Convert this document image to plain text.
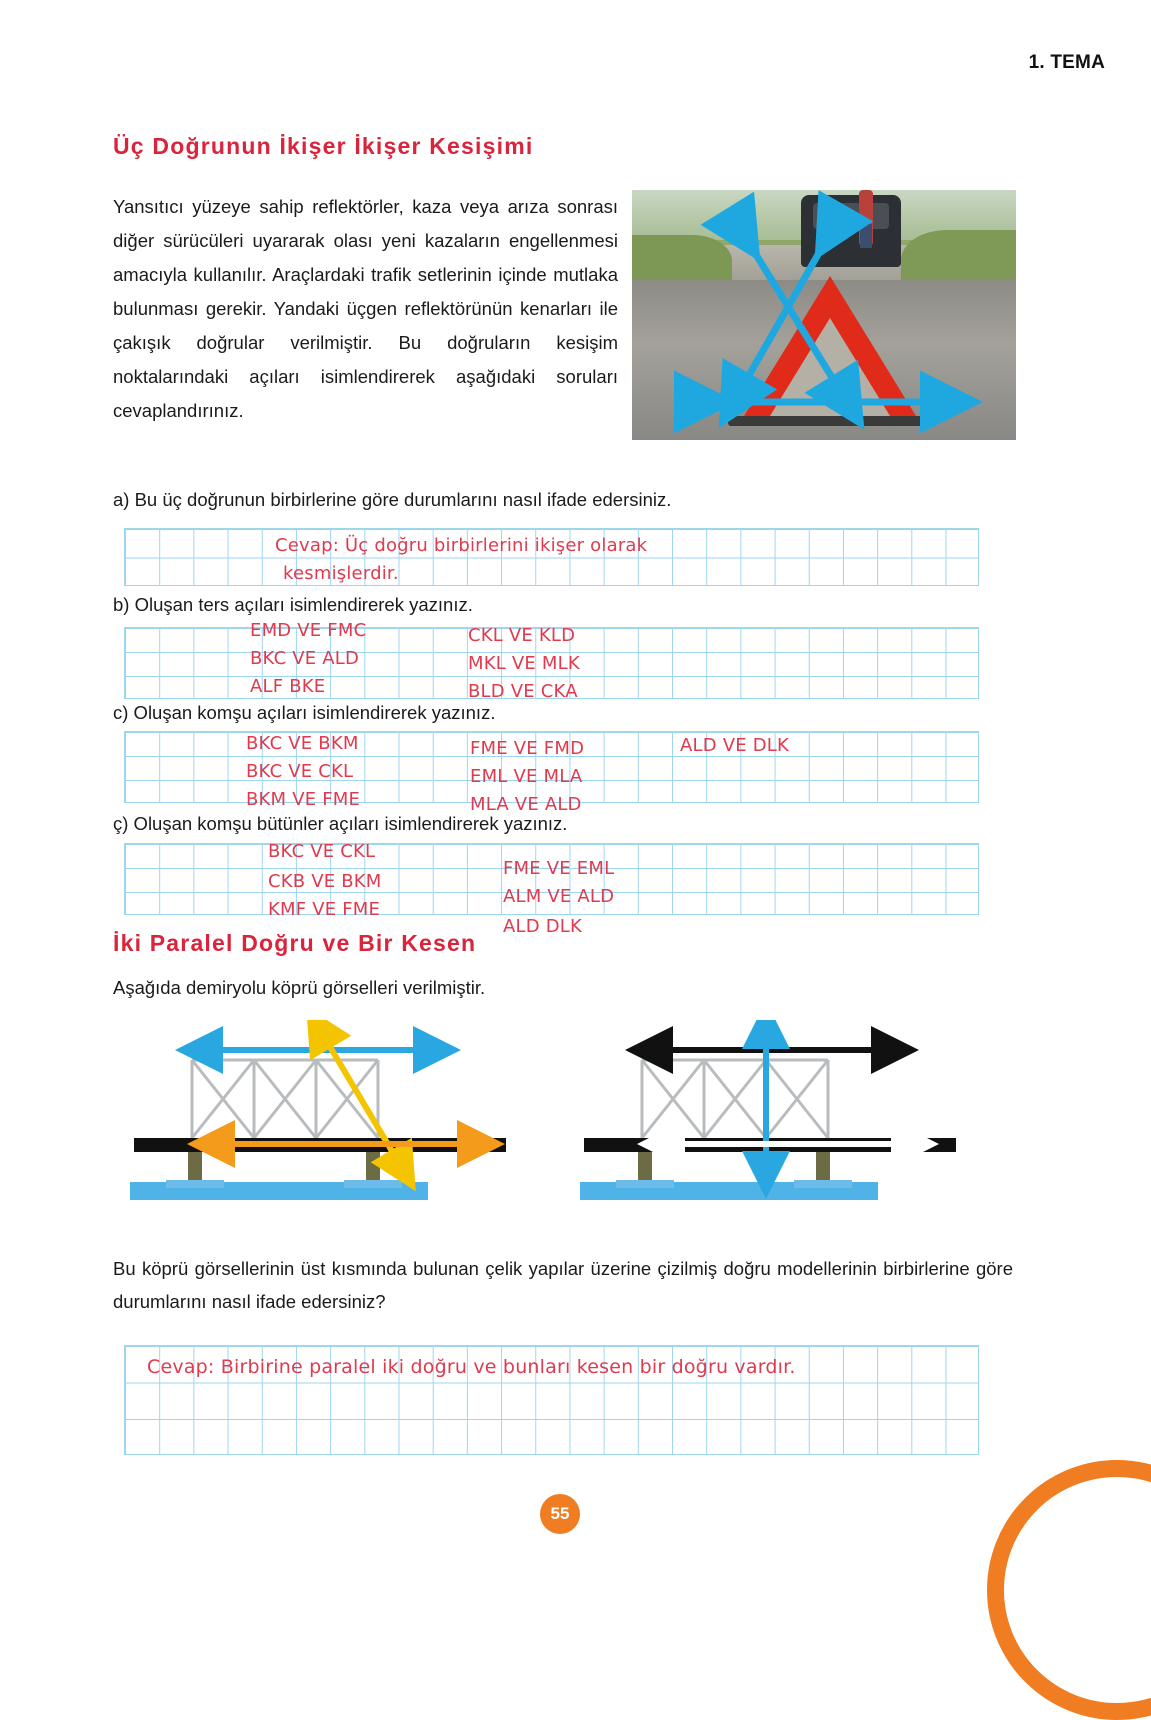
1. TEMA
Üç Doğrunun İkişer İkişer Kesişimi
Yansıtıcı yüzeye sahip reflektörler, kaza veya arıza sonrası diğer sürücüleri uyararak olası yeni kazaların engellenmesi amacıyla kullanılır. Araçlardaki trafik setlerinin içinde mutlaka bulunması gerekir. Yandaki üçgen reflektörünün kenarları ile çakışık doğrular verilmiştir. Bu doğruların kesişim noktalarındaki açıları isimlendirerek aşağıdaki soruları cevaplandırınız.
a) Bu üç doğrunun birbirlerine göre durumlarını nasıl ifade edersiniz.
Cevap: Üç doğru birbirlerini ikişer olarak
kesmişlerdir.
b) Oluşan ters açıları isimlendirerek yazınız.
EMD VE FMC
BKC VE ALD
ALF BKE
CKL VE KLD
MKL VE MLK
BLD VE CKA
c) Oluşan komşu açıları isimlendirerek yazınız.
BKC VE BKM
BKC VE CKL
BKM VE FME
FME VE FMD
EML VE MLA
MLA VE ALD
ALD VE DLK
ç) Oluşan komşu bütünler açıları isimlendirerek yazınız.
BKC VE CKL
CKB VE BKM
KMF VE FME
FME VE EML
ALM VE ALD
ALD DLK
İki Paralel Doğru ve Bir Kesen
Aşağıda demiryolu köprü görselleri verilmiştir.
Bu köprü görsellerinin üst kısmında bulunan çelik yapılar üzerine çizilmiş doğru modellerinin birbirlerine göre durumlarını nasıl ifade edersiniz?
Cevap: Birbirine paralel iki doğru ve bunları kesen bir doğru vardır.
55
